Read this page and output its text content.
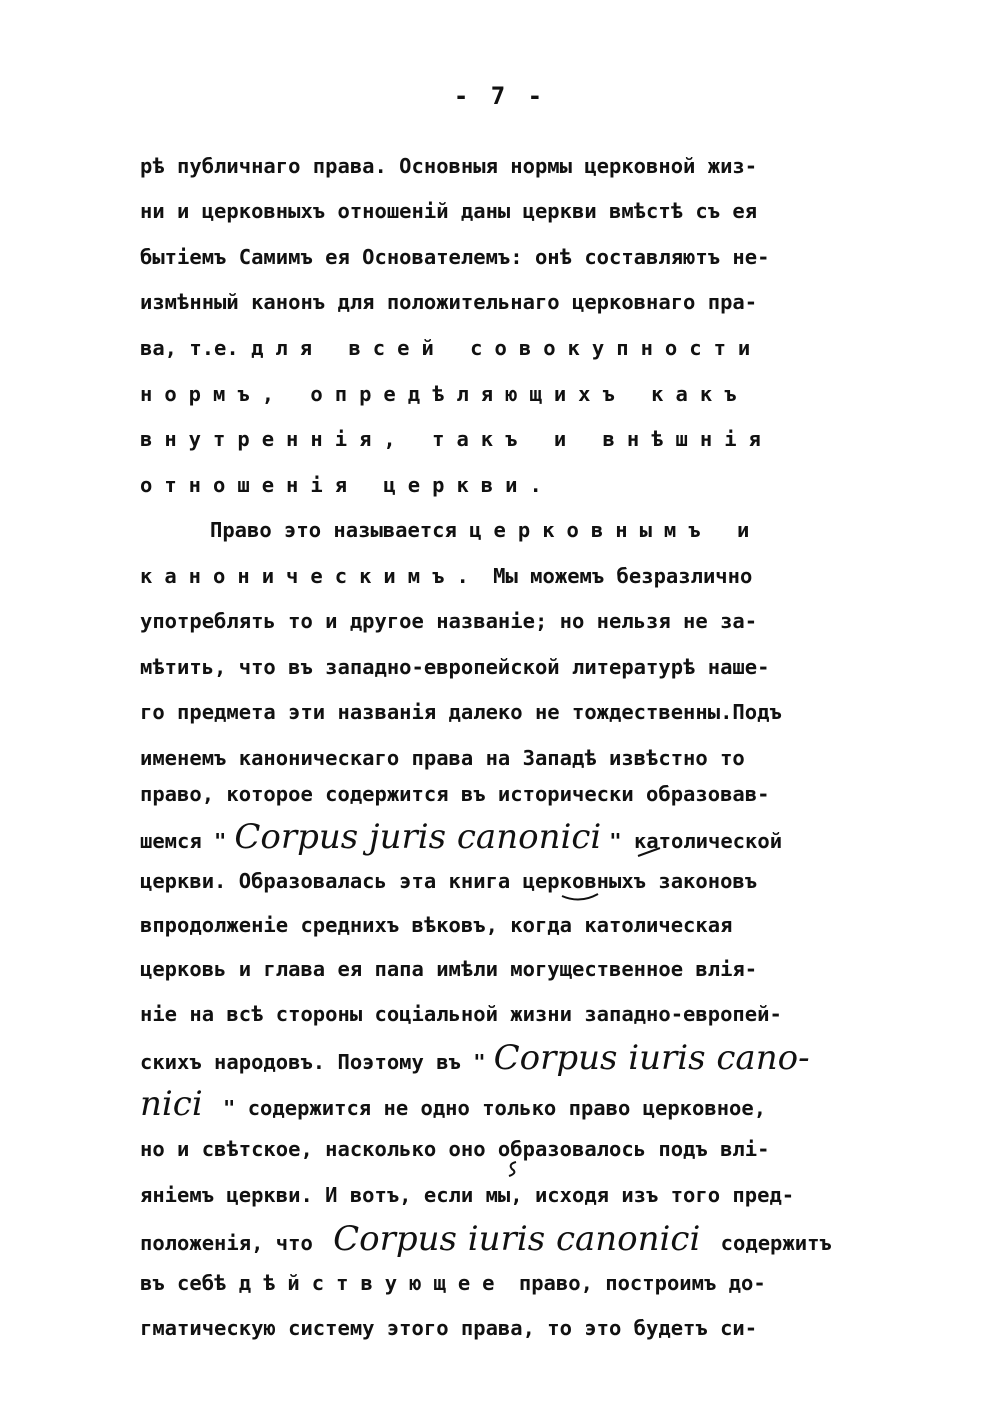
- 7 -
рѣ публичнаго права. Основныя нормы церковной жиз-
ни и церковныхъ отношенiй даны церкви вмѣстѣ съ ея
бытiемъ Самимъ ея Основателемъ: онѣ составляютъ не-
измѣнный канонъ для положительнаго церковнаго пра-
ва, т.е. для всей совокупности
нормъ, опредѣляющихъ какъ
внутреннiя, такъ и внѣшнiя
отношенiя церкви.
Право это называется церковнымъ и
каноническимъ. Мы можемъ безразлично
употреблять то и другое названiе; но нельзя не за-
мѣтить, что въ западно-европейской литературѣ наше-
го предмета эти названiя далеко не тождественны.Подъ
именемъ каноническаго права на Западѣ извѣстно то
право, которое содержится въ исторически образовав-
шемся " Corpus juris canonici " католической
церкви. Образовалась эта книга церковныхъ законовъ
впродолженiе среднихъ вѣковъ, когда католическая
церковь и глава ея папа имѣли могущественное влiя-
нiе на всѣ стороны соцiальной жизни западно-европей-
скихъ народовъ. Поэтому въ " Corpus iuris cano-
nici " содержится не одно только право церковное,
но и свѣтское, насколько оно образовалось подъ влi-
янiемъ церкви. И вотъ, если мы, исходя изъ того пред-
положенiя, что Corpus iuris canonici содержитъ
въ себѣ дѣйствующее право, построимъ до-
гматическую систему этого права, то это будетъ си-
